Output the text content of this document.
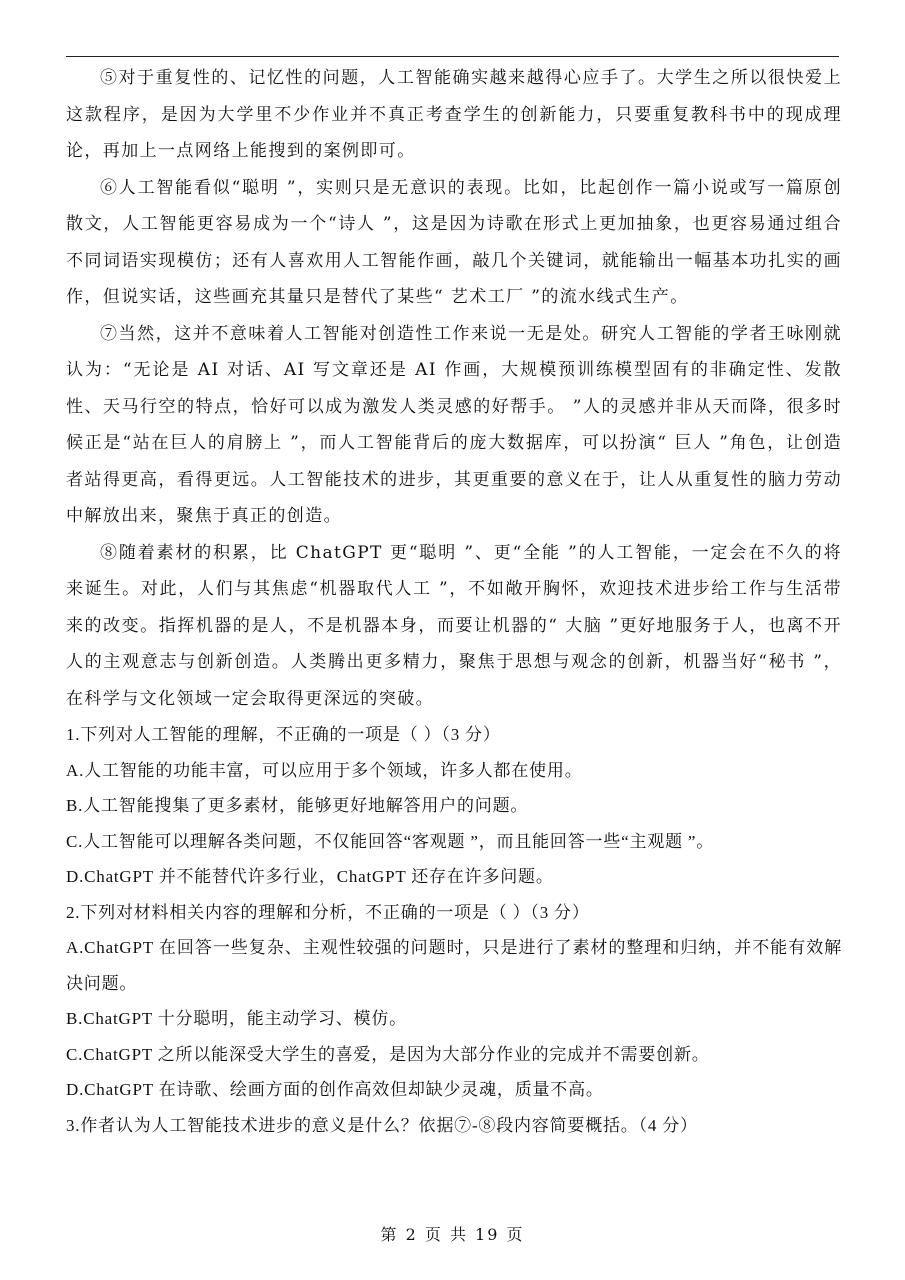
⑤对于重复性的、记忆性的问题，人工智能确实越来越得心应手了。大学生之所以很快爱上这款程序，是因为大学里不少作业并不真正考查学生的创新能力，只要重复教科书中的现成理论，再加上一点网络上能搜到的案例即可。

⑥人工智能看似“聪明 ”，实则只是无意识的表现。比如，比起创作一篇小说或写一篇原创散文，人工智能更容易成为一个“诗人 ”，这是因为诗歌在形式上更加抽象，也更容易通过组合不同词语实现模仿；还有人喜欢用人工智能作画，敲几个关键词，就能输出一幅基本功扎实的画作，但说实话，这些画充其量只是替代了某些“ 艺术工厂 ”的流水线式生产。

⑦当然，这并不意味着人工智能对创造性工作来说一无是处。研究人工智能的学者王咏刚就认为：“无论是 AI 对话、AI 写文章还是 AI 作画，大规模预训练模型固有的非确定性、发散性、天马行空的特点，恰好可以成为激发人类灵感的好帮手。 ”人的灵感并非从天而降，很多时候正是“站在巨人的肩膀上 ”，而人工智能背后的庞大数据库，可以扮演“ 巨人 ”角色，让创造者站得更高，看得更远。人工智能技术的进步，其更重要的意义在于，让人从重复性的脑力劳动中解放出来，聚焦于真正的创造。

⑧随着素材的积累，比 ChatGPT 更“聪明 ”、更“全能 ”的人工智能，一定会在不久的将来诞生。对此，人们与其焦虑“机器取代人工 ”，不如敞开胸怀，欢迎技术进步给工作与生活带来的改变。指挥机器的是人，不是机器本身，而要让机器的“ 大脑 ”更好地服务于人，也离不开人的主观意志与创新创造。人类腾出更多精力，聚焦于思想与观念的创新，机器当好“秘书 ”，在科学与文化领域一定会取得更深远的突破。

1.下列对人工智能的理解，不正确的一项是（ ）（3 分）

A.人工智能的功能丰富，可以应用于多个领域，许多人都在使用。

B.人工智能搜集了更多素材，能够更好地解答用户的问题。

C.人工智能可以理解各类问题，不仅能回答“客观题 ”，而且能回答一些“主观题 ”。

D.ChatGPT 并不能替代许多行业，ChatGPT 还存在许多问题。

2.下列对材料相关内容的理解和分析，不正确的一项是（ ）（3 分）

A.ChatGPT 在回答一些复杂、主观性较强的问题时，只是进行了素材的整理和归纳，并不能有效解决问题。

B.ChatGPT 十分聪明，能主动学习、模仿。

C.ChatGPT 之所以能深受大学生的喜爱，是因为大部分作业的完成并不需要创新。

D.ChatGPT 在诗歌、绘画方面的创作高效但却缺少灵魂，质量不高。

3.作者认为人工智能技术进步的意义是什么？依据⑦-⑧段内容简要概括。（4 分）

第 2 页 共 19 页
